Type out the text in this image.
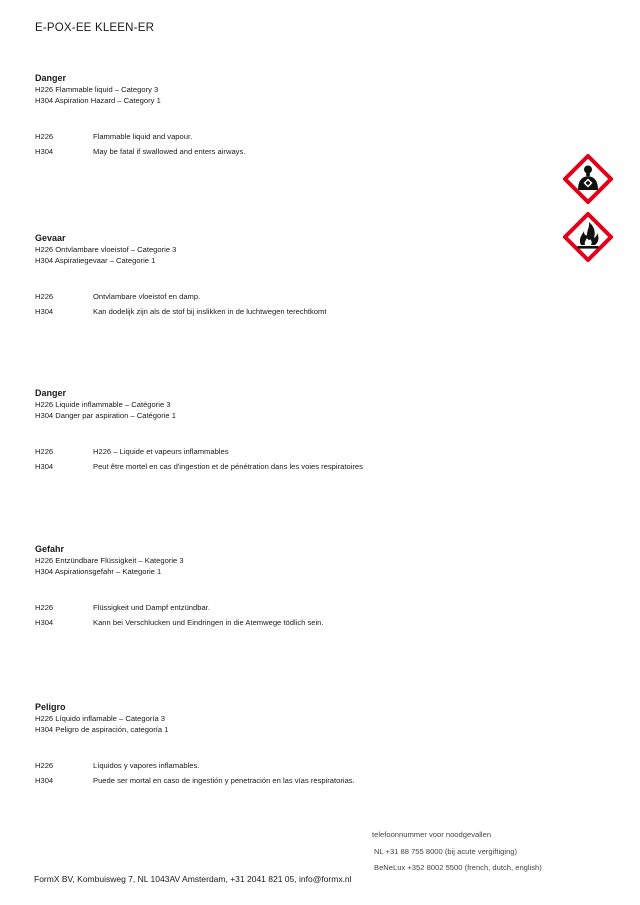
E-POX-EE KLEEN-ER
Danger
H226 Flammable liquid – Category 3
H304 Aspiration Hazard – Category 1
H226	Flammable liquid and vapour.
H304	May be fatal if swallowed and enters airways.
Gevaar
H226 Ontvlambare vloeistof – Categorie 3
H304 Aspiratiegevaar – Categorie 1
H226	Ontvlambare vloeistof en damp.
H304	Kan dodelijk zijn als de stof bij inslikken in de luchtwegen terechtkomt
Danger
H226 Liquide inflammable – Catégorie 3
H304 Danger par aspiration – Catégorie 1
H226	H226 – Liquide et vapeurs inflammables
H304	Peut être mortel en cas d'ingestion et de pénétration dans les voies respiratoires
Gefahr
H226 Entzündbare Flüssigkeit – Kategorie 3
H304 Aspirationsgefahr – Kategorie 1
H226	Flüssigkeit und Dampf entzündbar.
H304	Kann bei Verschlucken und Eindringen in die Atemwege tödlich sein.
Peligro
H226 Líquido inflamable – Categoría 3
H304 Peligro de aspiración, categoría 1
H226	Líquidos y vapores inflamables.
H304	Puede ser mortal en caso de ingestión y penetración en las vías respiratorias.
telefoonnummer voor noodgevallen
NL +31 88 755 8000 (bij acute vergiftiging)
BeNeLux +352 8002 5500 (french, dutch, english)
FormX BV, Kombuisweg 7, NL 1043AV Amsterdam, +31 2041 821 05, info@formx.nl
